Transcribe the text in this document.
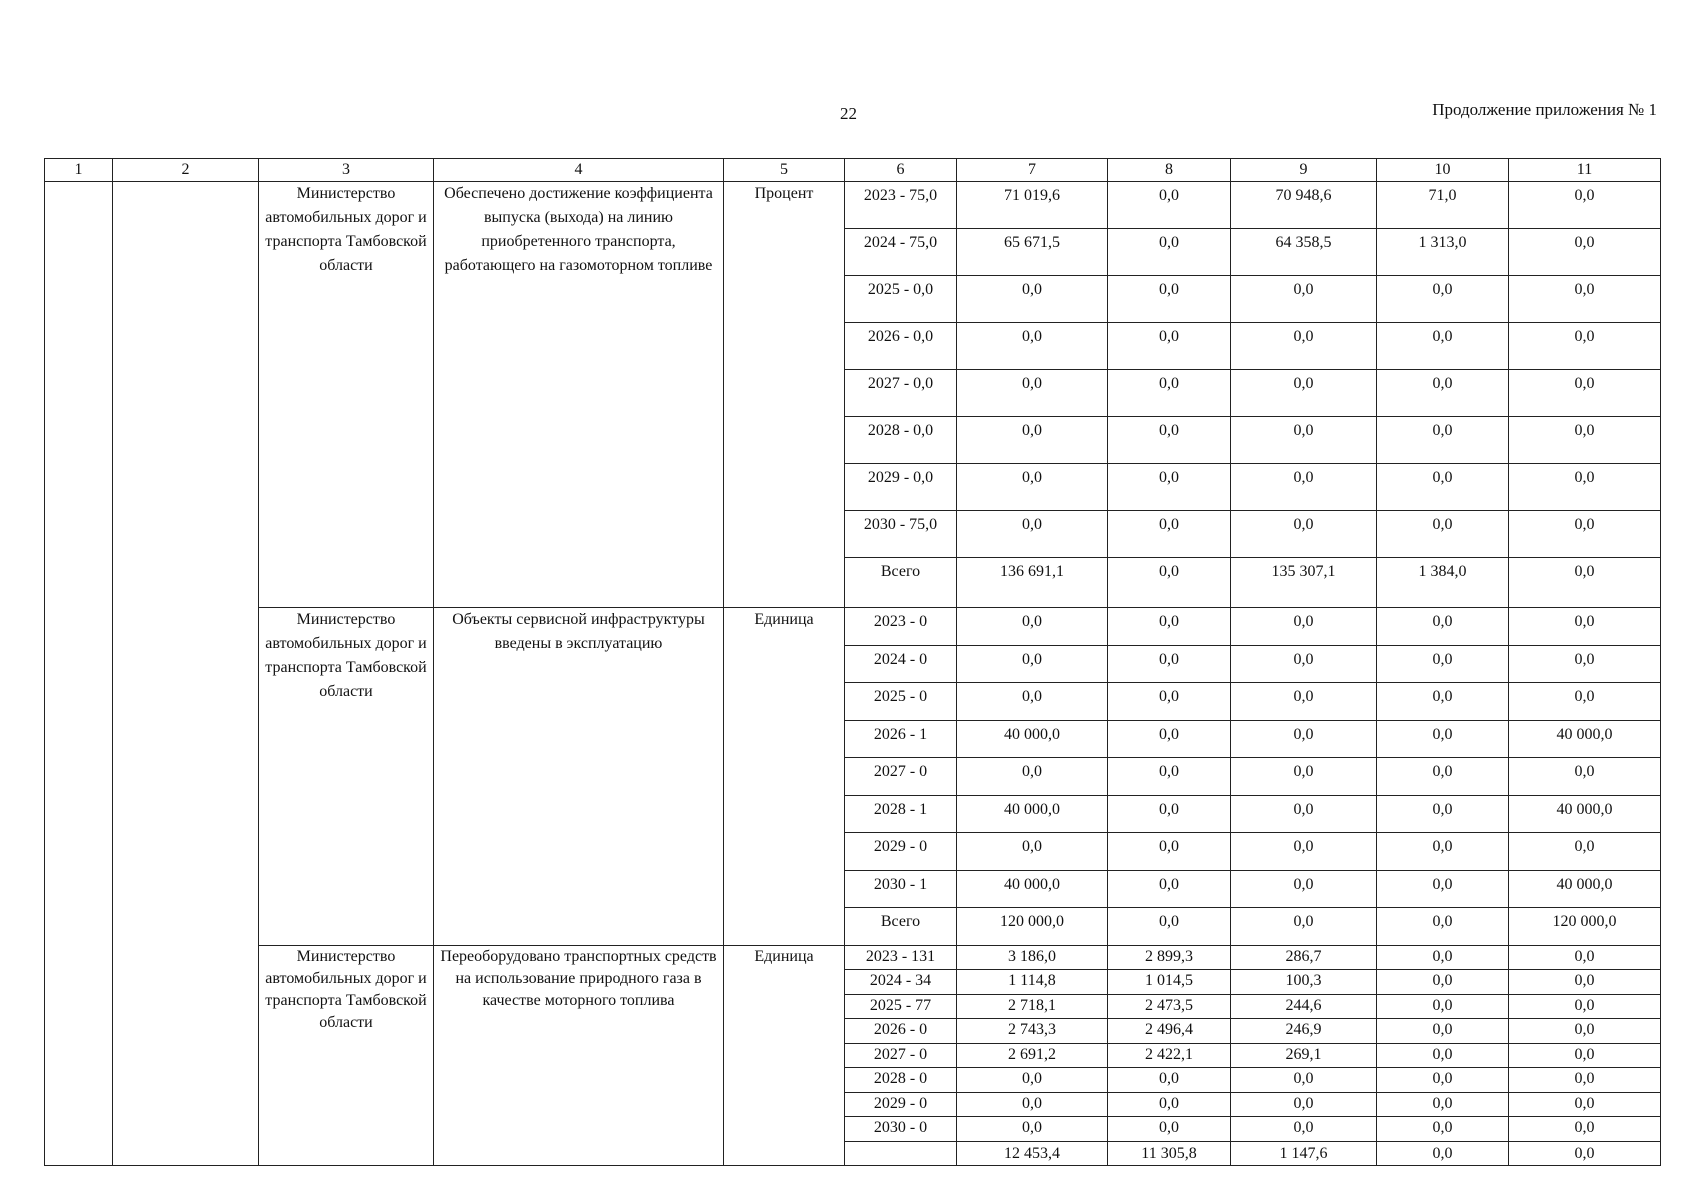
22	Продолжение приложения № 1
1	2	3	4	5	6	7	8	9	10	11
		Министерство автомобильных дорог и транспорта Тамбовской области	Обеспечено достижение коэффициента выпуска (выхода) на линию приобретенного транспорта, работающего на газомоторном топливе	Процент	2023 - 75,0	71 019,6	0,0	70 948,6	71,0	0,0
					2024 - 75,0	65 671,5	0,0	64 358,5	1 313,0	0,0
					2025 - 0,0	0,0	0,0	0,0	0,0	0,0
					2026 - 0,0	0,0	0,0	0,0	0,0	0,0
					2027 - 0,0	0,0	0,0	0,0	0,0	0,0
					2028 - 0,0	0,0	0,0	0,0	0,0	0,0
					2029 - 0,0	0,0	0,0	0,0	0,0	0,0
					2030 - 75,0	0,0	0,0	0,0	0,0	0,0
					Всего	136 691,1	0,0	135 307,1	1 384,0	0,0
		Министерство автомобильных дорог и транспорта Тамбовской области	Объекты сервисной инфраструктуры введены в эксплуатацию	Единица	2023 - 0	0,0	0,0	0,0	0,0	0,0
					2024 - 0	0,0	0,0	0,0	0,0	0,0
					2025 - 0	0,0	0,0	0,0	0,0	0,0
					2026 - 1	40 000,0	0,0	0,0	0,0	40 000,0
					2027 - 0	0,0	0,0	0,0	0,0	0,0
					2028 - 1	40 000,0	0,0	0,0	0,0	40 000,0
					2029 - 0	0,0	0,0	0,0	0,0	0,0
					2030 - 1	40 000,0	0,0	0,0	0,0	40 000,0
					Всего	120 000,0	0,0	0,0	0,0	120 000,0
		Министерство автомобильных дорог и транспорта Тамбовской области	Переоборудовано транспортных средств на использование природного газа в качестве моторного топлива	Единица	2023 - 131	3 186,0	2 899,3	286,7	0,0	0,0
					2024 - 34	1 114,8	1 014,5	100,3	0,0	0,0
					2025 - 77	2 718,1	2 473,5	244,6	0,0	0,0
					2026 - 0	2 743,3	2 496,4	246,9	0,0	0,0
					2027 - 0	2 691,2	2 422,1	269,1	0,0	0,0
					2028 - 0	0,0	0,0	0,0	0,0	0,0
					2029 - 0	0,0	0,0	0,0	0,0	0,0
					2030 - 0	0,0	0,0	0,0	0,0	0,0
						12 453,4	11 305,8	1 147,6	0,0	0,0
